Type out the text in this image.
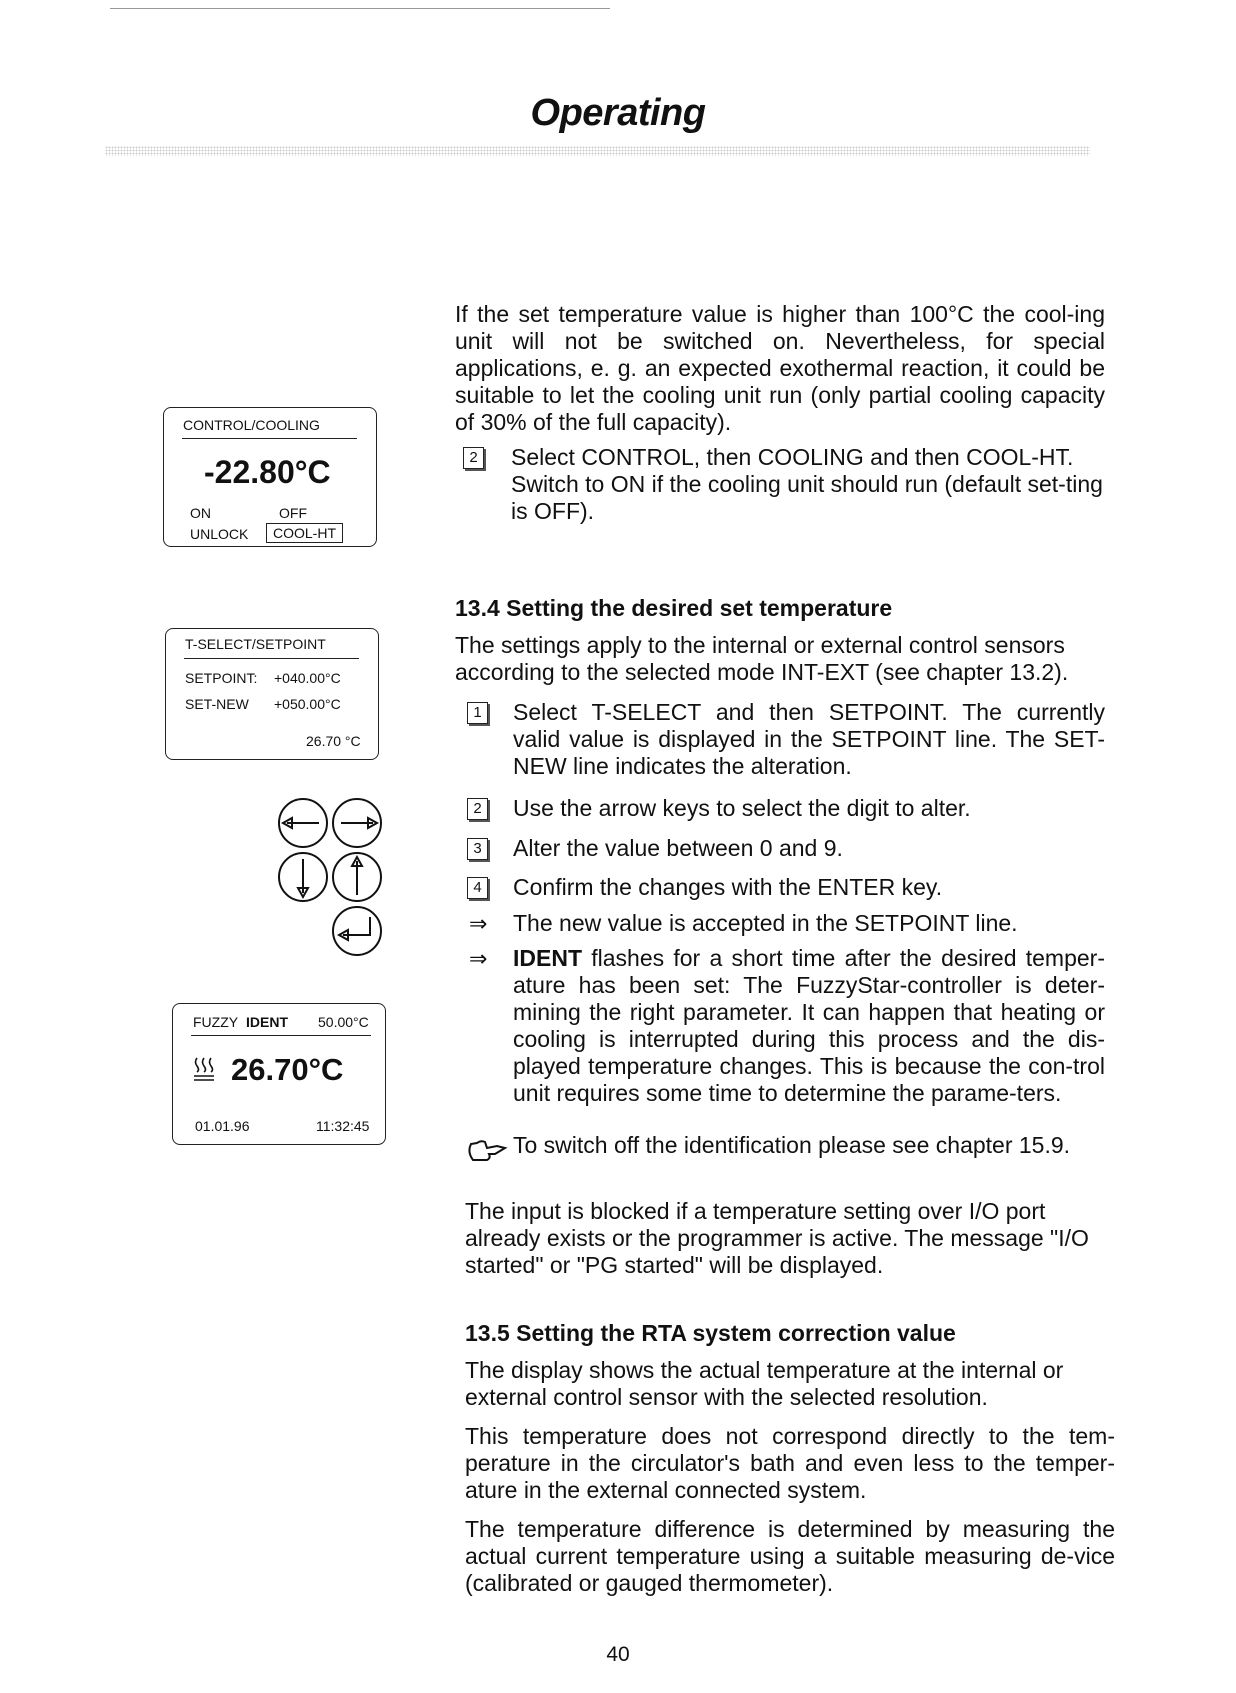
Operating
CONTROL/COOLING
-22.80°C
ON	OFF
UNLOCK	COOL-HT
T-SELECT/SETPOINT
SETPOINT: +040.00°C
SET-NEW +050.00°C
26.70 °C
FUZZY IDENT 50.00°C
26.70°C
01.01.96	11:32:45

If the set temperature value is higher than 100°C the cool-ing unit will not be switched on. Nevertheless, for special applications, e. g. an expected exothermal reaction, it could be suitable to let the cooling unit run (only partial cooling capacity of 30% of the full capacity).

2 Select CONTROL, then COOLING and then COOL-HT. Switch to ON if the cooling unit should run (default set-ting is OFF).

13.4 Setting the desired set temperature

The settings apply to the internal or external control sensors according to the selected mode INT-EXT (see chapter 13.2).

1 Select T-SELECT and then SETPOINT. The currently valid value is displayed in the SETPOINT line. The SET-NEW line indicates the alteration.

2 Use the arrow keys to select the digit to alter.

3 Alter the value between 0 and 9.

4 Confirm the changes with the ENTER key.

⇒ The new value is accepted in the SETPOINT line.

⇒ IDENT flashes for a short time after the desired temper-ature has been set: The FuzzyStar-controller is deter-mining the right parameter. It can happen that heating or cooling is interrupted during this process and the dis-played temperature changes. This is because the con-trol unit requires some time to determine the parame-ters.

To switch off the identification please see chapter 15.9.

The input is blocked if a temperature setting over I/O port already exists or the programmer is active. The message "I/O started" or "PG started" will be displayed.

13.5 Setting the RTA system correction value

The display shows the actual temperature at the internal or external control sensor with the selected resolution.

This temperature does not correspond directly to the tem-perature in the circulator's bath and even less to the temper-ature in the external connected system.

The temperature difference is determined by measuring the actual current temperature using a suitable measuring de-vice (calibrated or gauged thermometer).

40
